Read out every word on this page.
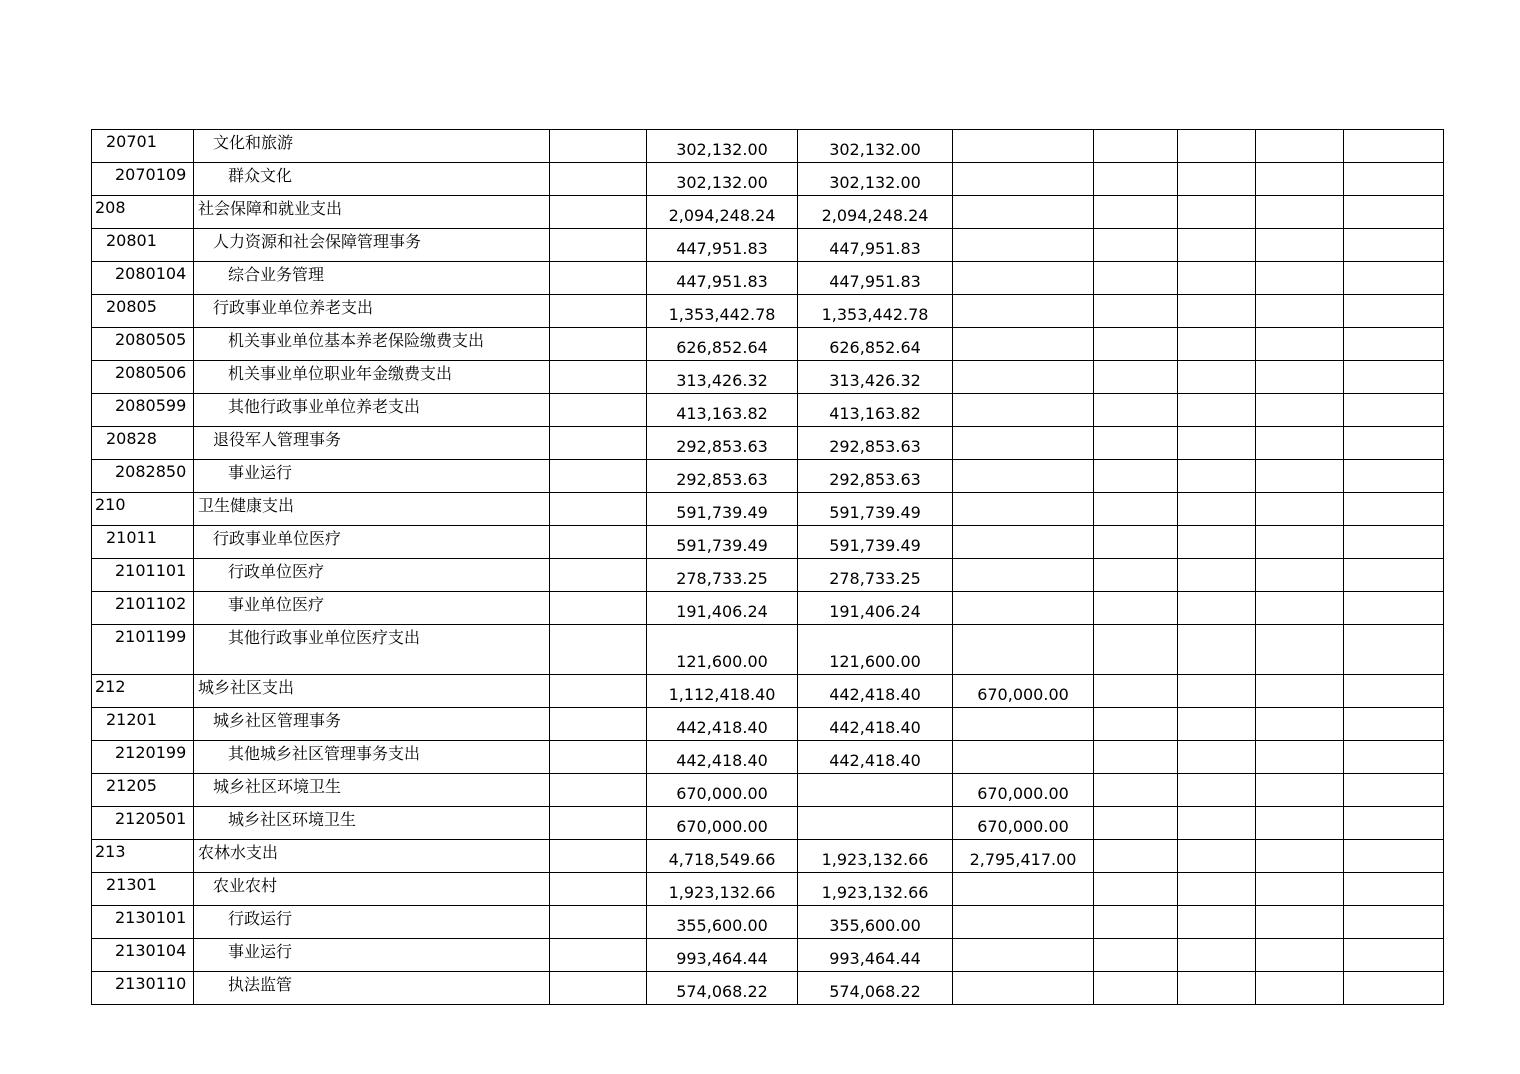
20701	文化和旅游		302,132.00	302,132.00					
2070109	群众文化		302,132.00	302,132.00					
208	社会保障和就业支出		2,094,248.24	2,094,248.24					
20801	人力资源和社会保障管理事务		447,951.83	447,951.83					
2080104	综合业务管理		447,951.83	447,951.83					
20805	行政事业单位养老支出		1,353,442.78	1,353,442.78					
2080505	机关事业单位基本养老保险缴费支出		626,852.64	626,852.64					
2080506	机关事业单位职业年金缴费支出		313,426.32	313,426.32					
2080599	其他行政事业单位养老支出		413,163.82	413,163.82					
20828	退役军人管理事务		292,853.63	292,853.63					
2082850	事业运行		292,853.63	292,853.63					
210	卫生健康支出		591,739.49	591,739.49					
21011	行政事业单位医疗		591,739.49	591,739.49					
2101101	行政单位医疗		278,733.25	278,733.25					
2101102	事业单位医疗		191,406.24	191,406.24					
2101199	其他行政事业单位医疗支出		121,600.00	121,600.00					
212	城乡社区支出		1,112,418.40	442,418.40	670,000.00				
21201	城乡社区管理事务		442,418.40	442,418.40					
2120199	其他城乡社区管理事务支出		442,418.40	442,418.40					
21205	城乡社区环境卫生		670,000.00		670,000.00				
2120501	城乡社区环境卫生		670,000.00		670,000.00				
213	农林水支出		4,718,549.66	1,923,132.66	2,795,417.00				
21301	农业农村		1,923,132.66	1,923,132.66					
2130101	行政运行		355,600.00	355,600.00					
2130104	事业运行		993,464.44	993,464.44					
2130110	执法监管		574,068.22	574,068.22					
